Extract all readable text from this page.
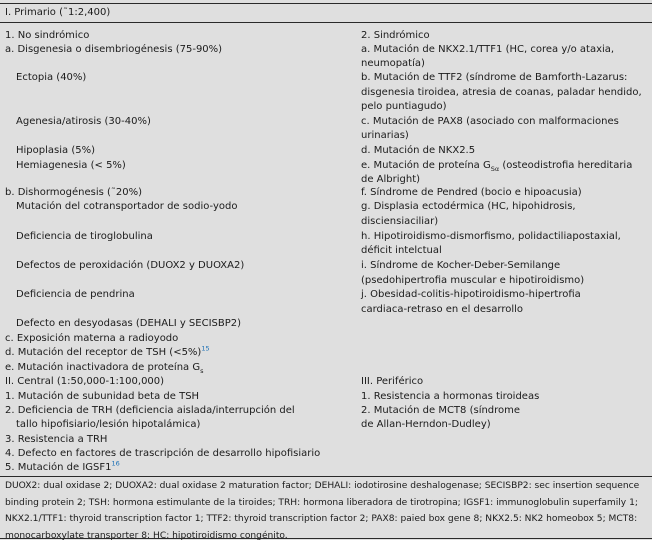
I. Primario (˜1:2,400)
1. No sindrómico
a. Disgenesia o disembriogénesis (75-90%)
Ectopia (40%)
Agenesia/atirosis (30-40%)
Hipoplasia (5%)
Hemiagenesia (< 5%)
b. Dishormogénesis (˜20%)
Mutación del cotransportador de sodio-yodo
Deficiencia de tiroglobulina
Defectos de peroxidación (DUOX2 y DUOXA2)
Deficiencia de pendrina
Defecto en desyodasas (DEHALI y SECISBP2)
c. Exposición materna a radioyodo
d. Mutación del receptor de TSH (<5%)$^{15}$
e. Mutación inactivadora de proteína $G_s$
2. Sindrómico
a. Mutación de NKX2.1/TTF1 (HC, corea y/o ataxia,
neumopatía)
b. Mutación de TTF2 (síndrome de Bamforth-Lazarus:
disgenesia tiroidea, atresia de coanas, paladar hendido,
pelo puntiagudo)
c. Mutación de PAX8 (asociado con malformaciones
urinarias)
d. Mutación de NKX2.5
e. Mutación de proteína $G_{S\alpha}$ (osteodistrofia hereditaria
de Albright)
f. Síndrome de Pendred (bocio e hipoacusia)
g. Displasia ectodérmica (HC, hipohidrosis,
disciensiaciliar)
h. Hipotiroidismo-dismorfismo, polidactiliapostaxial,
déficit intelctual
i. Síndrome de Kocher-Deber-Semilange
(psedohipertrofia muscular e hipotiroidismo)
j. Obesidad-colitis-hipotiroidismo-hipertrofia
cardiaca-retraso en el desarrollo
II. Central (1:50,000-1:100,000)
1. Mutación de subunidad beta de TSH
2. Deficiencia de TRH (deficiencia aislada/interrupción del
tallo hipofisiario/lesión hipotalámica)
3. Resistencia a TRH
4. Defecto en factores de trascripción de desarrollo hipofisiario
5. Mutación de IGSF1$^{16}$
III. Periférico
1. Resistencia a hormonas tiroideas
2. Mutación de MCT8 (síndrome
de Allan-Herndon-Dudley)
DUOX2: dual oxidase 2; DUOXA2: dual oxidase 2 maturation factor; DEHALI: iodotirosine deshalogenase; SECISBP2: sec insertion sequence binding protein 2; TSH: hormona estimulante de la tiroides; TRH: hormona liberadora de tirotropina; IGSF1: immunoglobulin superfamily 1; NKX2.1/TTF1: thyroid transcription factor 1; TTF2: thyroid transcription factor 2; PAX8: paied box gene 8; NKX2.5: NK2 homeobox 5; MCT8: monocarboxylate transporter 8; HC: hipotiroidismo congénito.
